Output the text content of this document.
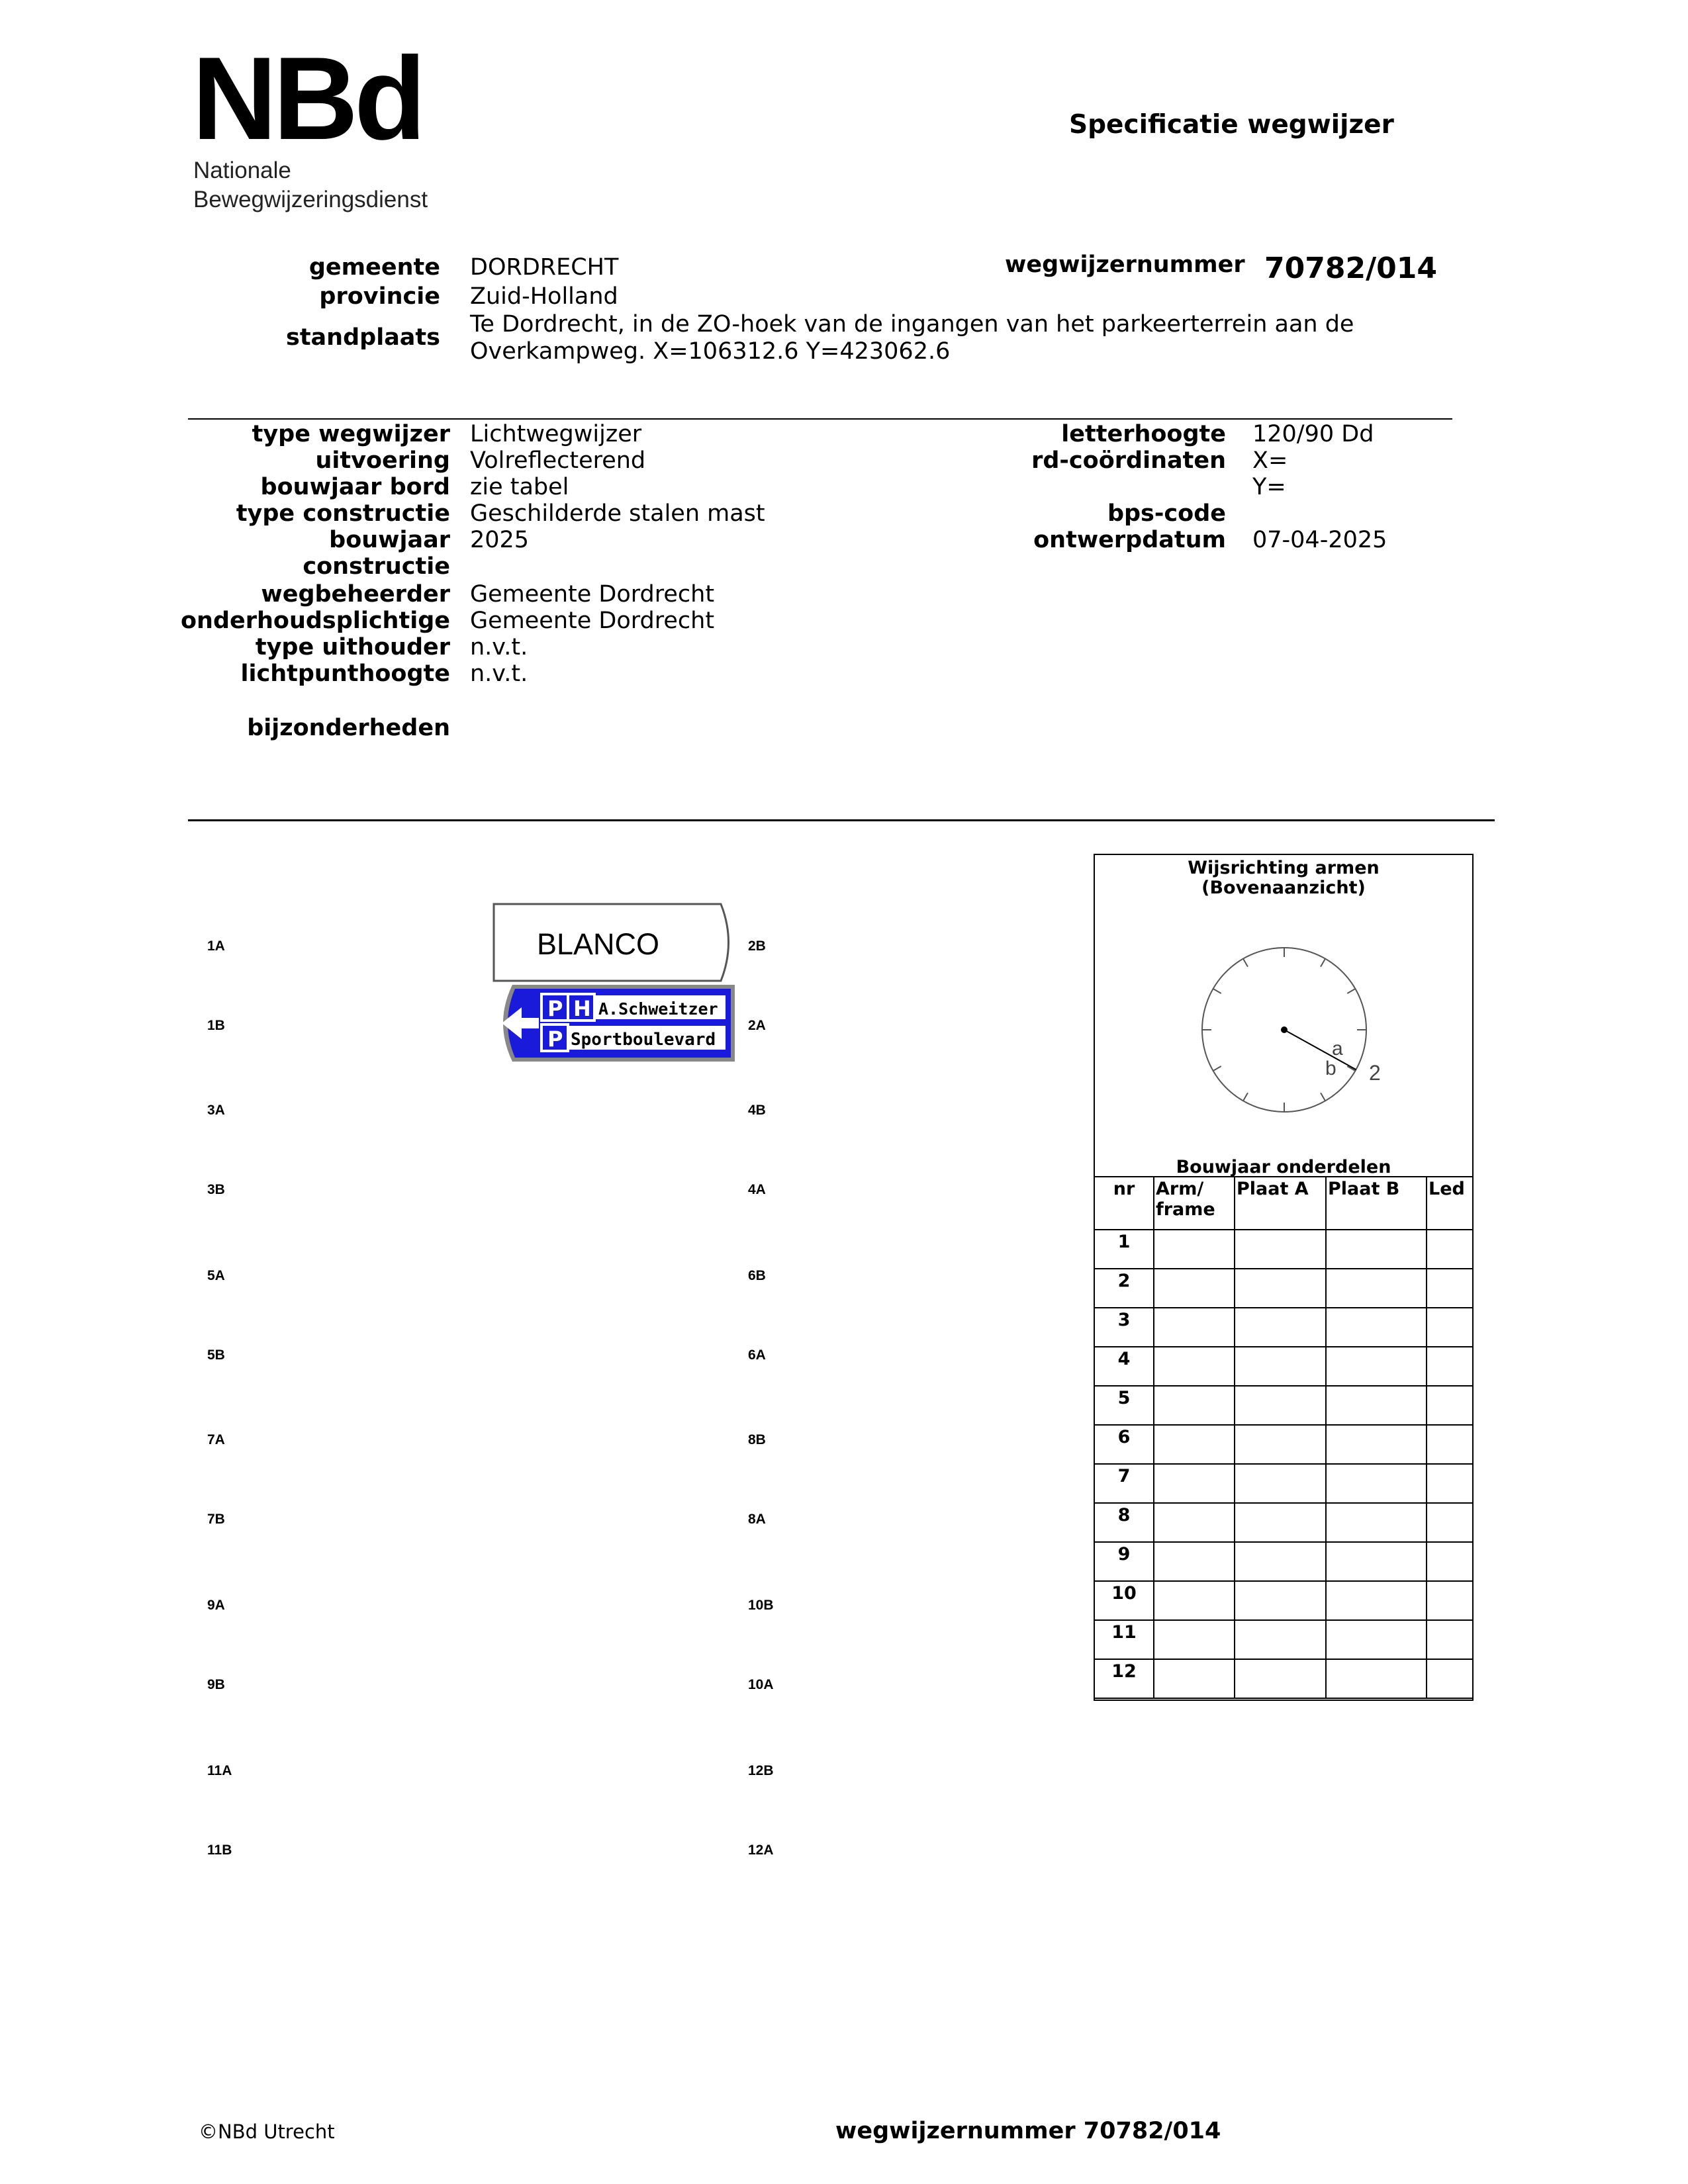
NBd
Nationale
Bewegwijzeringsdienst
Specificatie wegwijzer
gemeente DORDRECHT
provincie Zuid-Holland
standplaats Te Dordrecht, in de ZO-hoek van de ingangen van het parkeerterrein aan de
Overkampweg. X=106312.6 Y=423062.6
wegwijzernummer 70782/014
type wegwijzer Lichtwegwijzer
uitvoering Volreflecterend
bouwjaar bord zie tabel
type constructie Geschilderde stalen mast
bouwjaar
constructie
2025
wegbeheerder Gemeente Dordrecht
onderhoudsplichtige Gemeente Dordrecht
type uithouder n.v.t.
lichtpunthoogte n.v.t.
bijzonderheden
letterhoogte 120/90 Dd
rd-coördinaten X=
Y=
bps-code
ontwerpdatum 07-04-2025
1A
1B
3A
3B
5A
5B
7A
7B
9A
9B
11A
11B
2B
2A
4B
4A
6B
6A
8B
8A
10B
10A
12B
12A
BLANCO
P H A.Schweitzer
P Sportboulevard
Wijsrichting armen
(Bovenaanzicht)
a
b 2
Bouwjaar onderdelen
nr	Arm/ frame	Plaat A	Plaat B	Led
1				
2				
3				
4				
5				
6				
7				
8				
9				
10				
11				
12				
©NBd Utrecht	wegwijzernummer 70782/014
